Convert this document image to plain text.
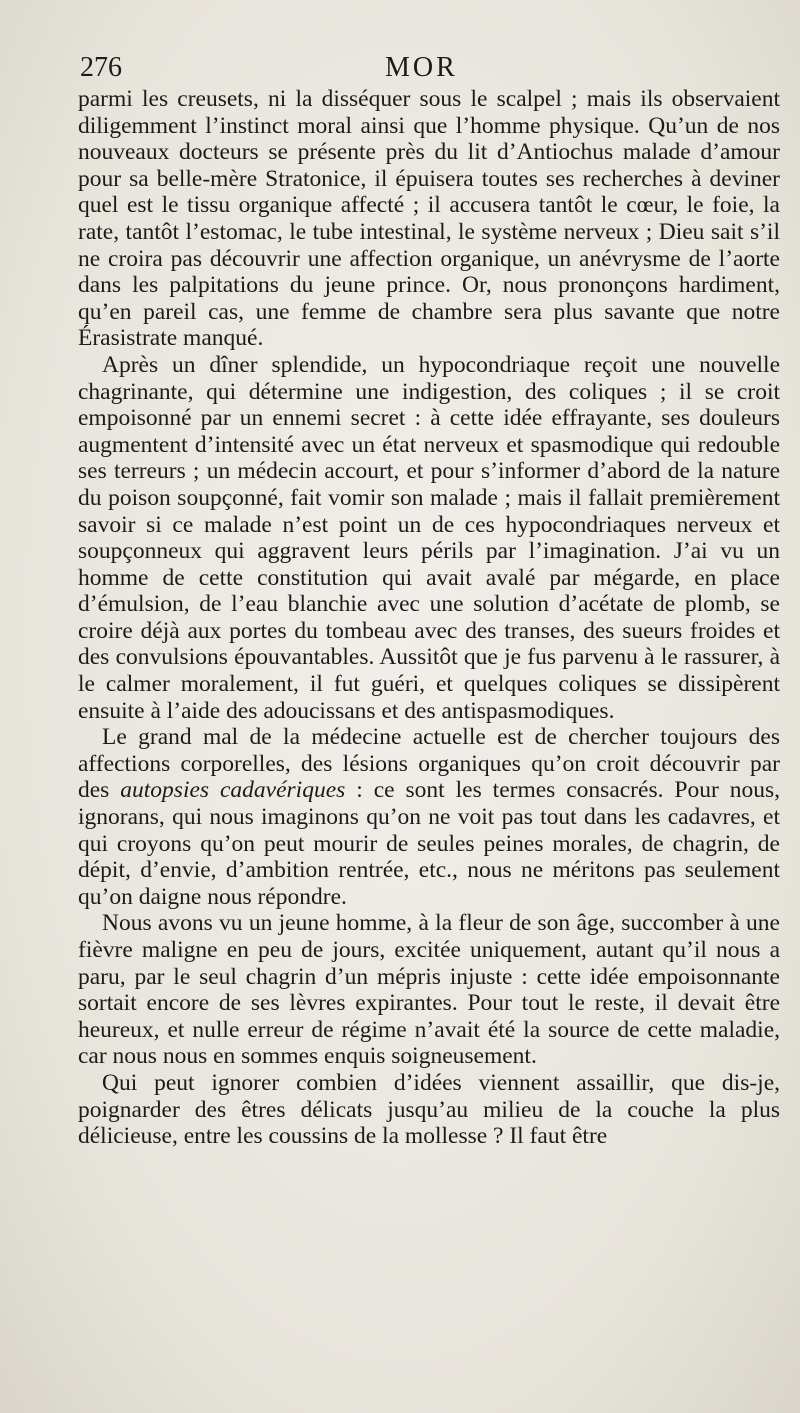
276	MOR

parmi les creusets, ni la disséquer sous le scalpel ; mais ils observaient diligemment l’instinct moral ainsi que l’homme physique. Qu’un de nos nouveaux docteurs se présente près du lit d’Antiochus malade d’amour pour sa belle-mère Stratonice, il épuisera toutes ses recherches à deviner quel est le tissu organique affecté ; il accusera tantôt le cœur, le foie, la rate, tantôt l’estomac, le tube intestinal, le système nerveux ; Dieu sait s’il ne croira pas découvrir une affection organique, un anévrysme de l’aorte dans les palpitations du jeune prince. Or, nous prononçons hardiment, qu’en pareil cas, une femme de chambre sera plus savante que notre Érasistrate manqué.

Après un dîner splendide, un hypocondriaque reçoit une nouvelle chagrinante, qui détermine une indigestion, des coliques ; il se croit empoisonné par un ennemi secret : à cette idée effrayante, ses douleurs augmentent d’intensité avec un état nerveux et spasmodique qui redouble ses terreurs ; un médecin accourt, et pour s’informer d’abord de la nature du poison soupçonné, fait vomir son malade ; mais il fallait premièrement savoir si ce malade n’est point un de ces hypocondriaques nerveux et soupçonneux qui aggravent leurs périls par l’imagination. J’ai vu un homme de cette constitution qui avait avalé par mégarde, en place d’émulsion, de l’eau blanchie avec une solution d’acétate de plomb, se croire déjà aux portes du tombeau avec des transes, des sueurs froides et des convulsions épouvantables. Aussitôt que je fus parvenu à le rassurer, à le calmer moralement, il fut guéri, et quelques coliques se dissipèrent ensuite à l’aide des adoucissans et des antispasmodiques.

Le grand mal de la médecine actuelle est de chercher toujours des affections corporelles, des lésions organiques qu’on croit découvrir par des autopsies cadavériques : ce sont les termes consacrés. Pour nous, ignorans, qui nous imaginons qu’on ne voit pas tout dans les cadavres, et qui croyons qu’on peut mourir de seules peines morales, de chagrin, de dépit, d’envie, d’ambition rentrée, etc., nous ne méritons pas seulement qu’on daigne nous répondre.

Nous avons vu un jeune homme, à la fleur de son âge, succomber à une fièvre maligne en peu de jours, excitée uniquement, autant qu’il nous a paru, par le seul chagrin d’un mépris injuste : cette idée empoisonnante sortait encore de ses lèvres expirantes. Pour tout le reste, il devait être heureux, et nulle erreur de régime n’avait été la source de cette maladie, car nous nous en sommes enquis soigneusement.

Qui peut ignorer combien d’idées viennent assaillir, que dis-je, poignarder des êtres délicats jusqu’au milieu de la couche la plus délicieuse, entre les coussins de la mollesse ? Il faut être
